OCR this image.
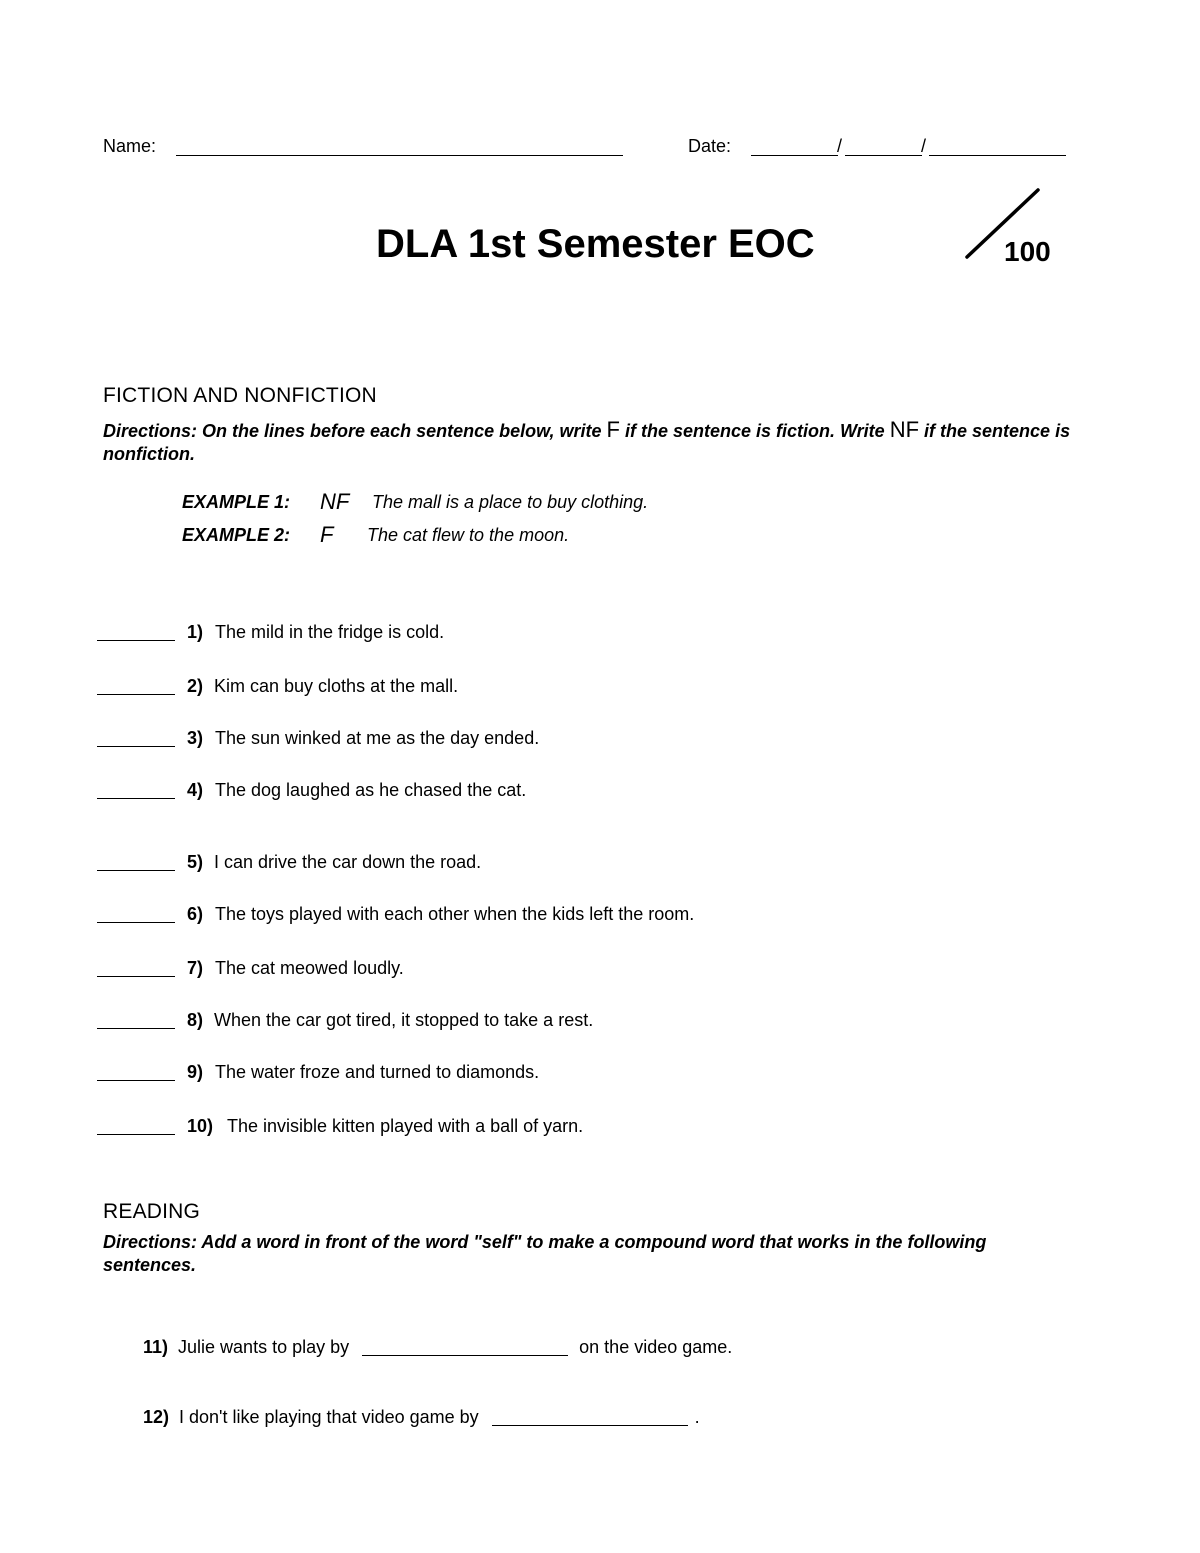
Name:	Date:	/	/
DLA 1st Semester EOC	100
FICTION AND NONFICTION
Directions: On the lines before each sentence below, write F if the sentence is fiction. Write NF if the sentence is nonfiction.
EXAMPLE 1: NF The mall is a place to buy clothing.
EXAMPLE 2: F The cat flew to the moon.
1) The mild in the fridge is cold.
2) Kim can buy cloths at the mall.
3) The sun winked at me as the day ended.
4) The dog laughed as he chased the cat.
5) I can drive the car down the road.
6) The toys played with each other when the kids left the room.
7) The cat meowed loudly.
8) When the car got tired, it stopped to take a rest.
9) The water froze and turned to diamonds.
10) The invisible kitten played with a ball of yarn.
READING
Directions: Add a word in front of the word "self" to make a compound word that works in the following sentences.
11) Julie wants to play by	on the video game.
12) I don't like playing that video game by	.
